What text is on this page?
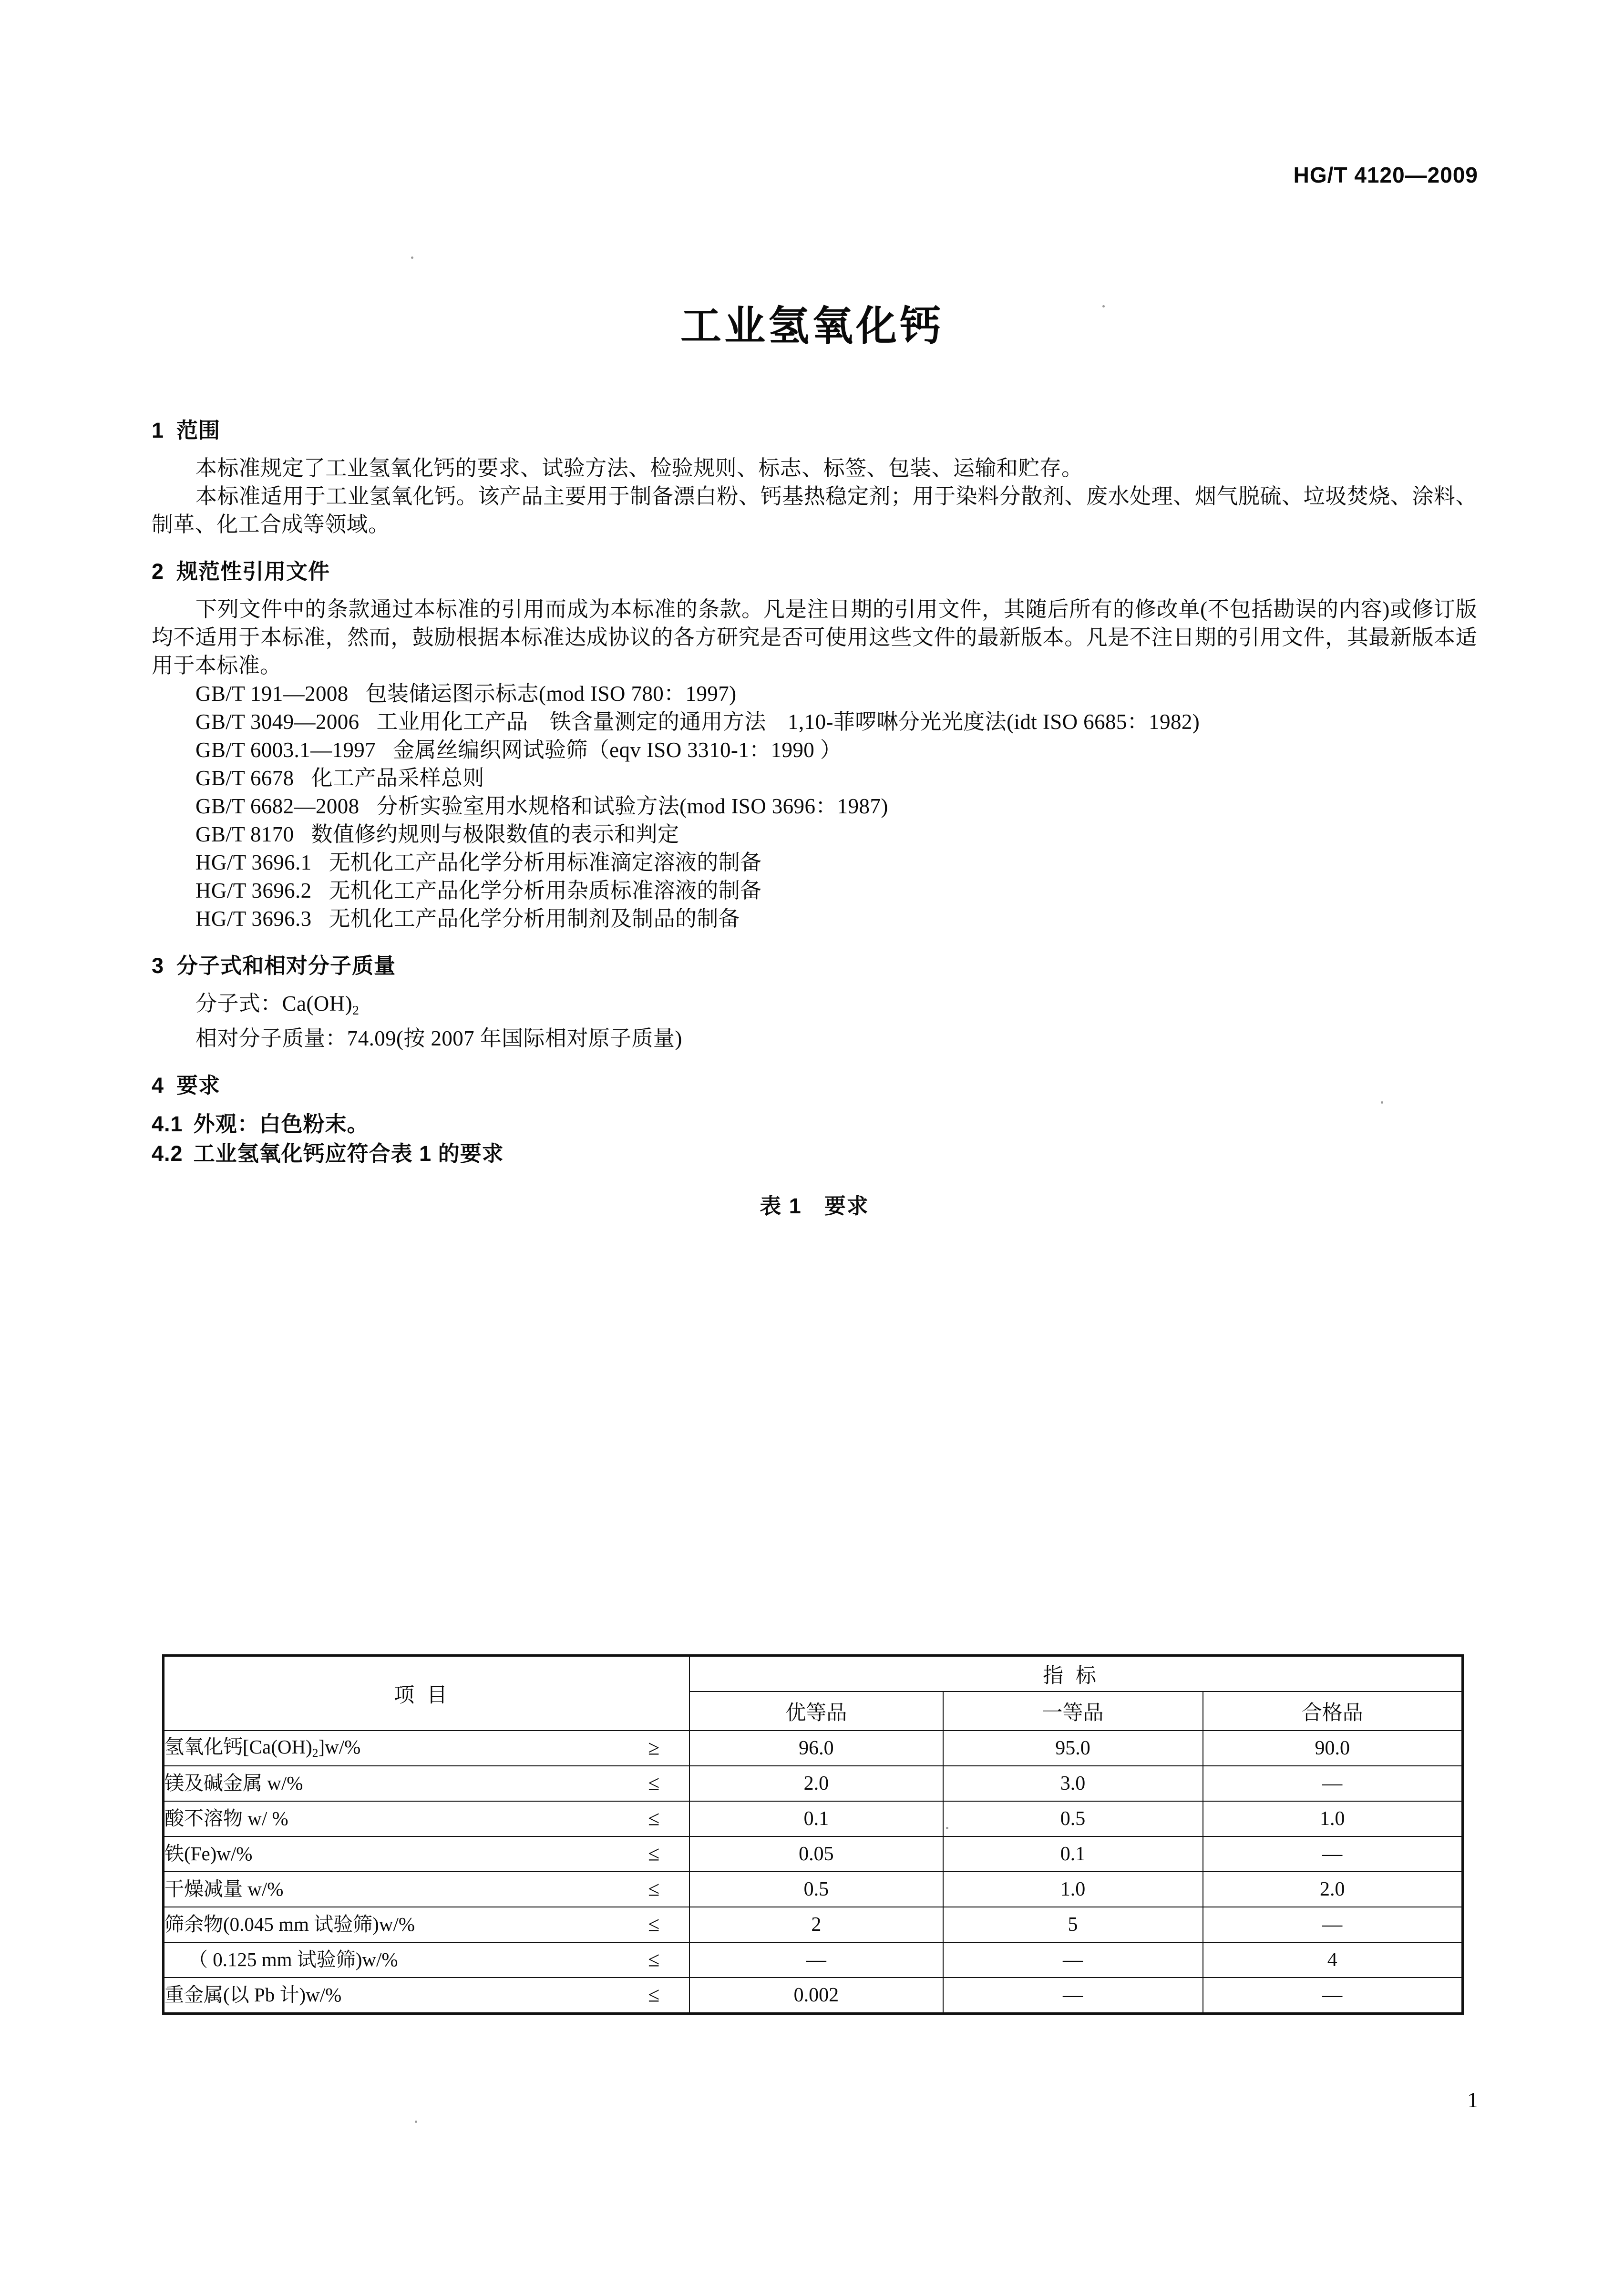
HG/T 4120—2009
工业氢氧化钙
1 范围

本标准规定了工业氢氧化钙的要求、试验方法、检验规则、标志、标签、包装、运输和贮存。

本标准适用于工业氢氧化钙。该产品主要用于制备漂白粉、钙基热稳定剂；用于染料分散剂、废水处理、烟气脱硫、垃圾焚烧、涂料、制革、化工合成等领域。

2 规范性引用文件

下列文件中的条款通过本标准的引用而成为本标准的条款。凡是注日期的引用文件，其随后所有的修改单(不包括勘误的内容)或修订版均不适用于本标准，然而，鼓励根据本标准达成协议的各方研究是否可使用这些文件的最新版本。凡是不注日期的引用文件，其最新版本适用于本标准。

GB/T 191—2008 包装储运图示标志(mod ISO 780：1997)

GB/T 3049—2006 工业用化工产品　铁含量测定的通用方法　1,10-菲啰啉分光光度法(idt ISO 6685：1982)

GB/T 6003.1—1997 金属丝编织网试验筛（eqv ISO 3310-1：1990 ）

GB/T 6678 化工产品采样总则

GB/T 6682—2008 分析实验室用水规格和试验方法(mod ISO 3696：1987)

GB/T 8170 数值修约规则与极限数值的表示和判定

HG/T 3696.1 无机化工产品化学分析用标准滴定溶液的制备

HG/T 3696.2 无机化工产品化学分析用杂质标准溶液的制备

HG/T 3696.3 无机化工产品化学分析用制剂及制品的制备

3 分子式和相对分子质量

分子式：$Ca(OH)_2$

相对分子质量：74.09(按 2007 年国际相对原子质量)

4 要求

4.1 外观：白色粉末。

4.2 工业氢氧化钙应符合表 1 的要求

表 1　要求

项目	指标		
	优等品	一等品	合格品
氢氧化钙$[Ca(OH)_2]w/\%$ ≥	96.0	95.0	90.0
镁及碱金属 w/% ≤	2.0	3.0	—
酸不溶物 w/ % ≤	0.1	0.5	1.0
铁(Fe)w/% ≤	0.05	0.1	—
干燥减量 w/% ≤	0.5	1.0	2.0
筛余物(0.045 mm 试验筛)w/% ≤	2	5	—
（ 0.125 mm 试验筛)w/% ≤	—	—	4
重金属(以 Pb 计)w/% ≤	0.002	—	—
1
